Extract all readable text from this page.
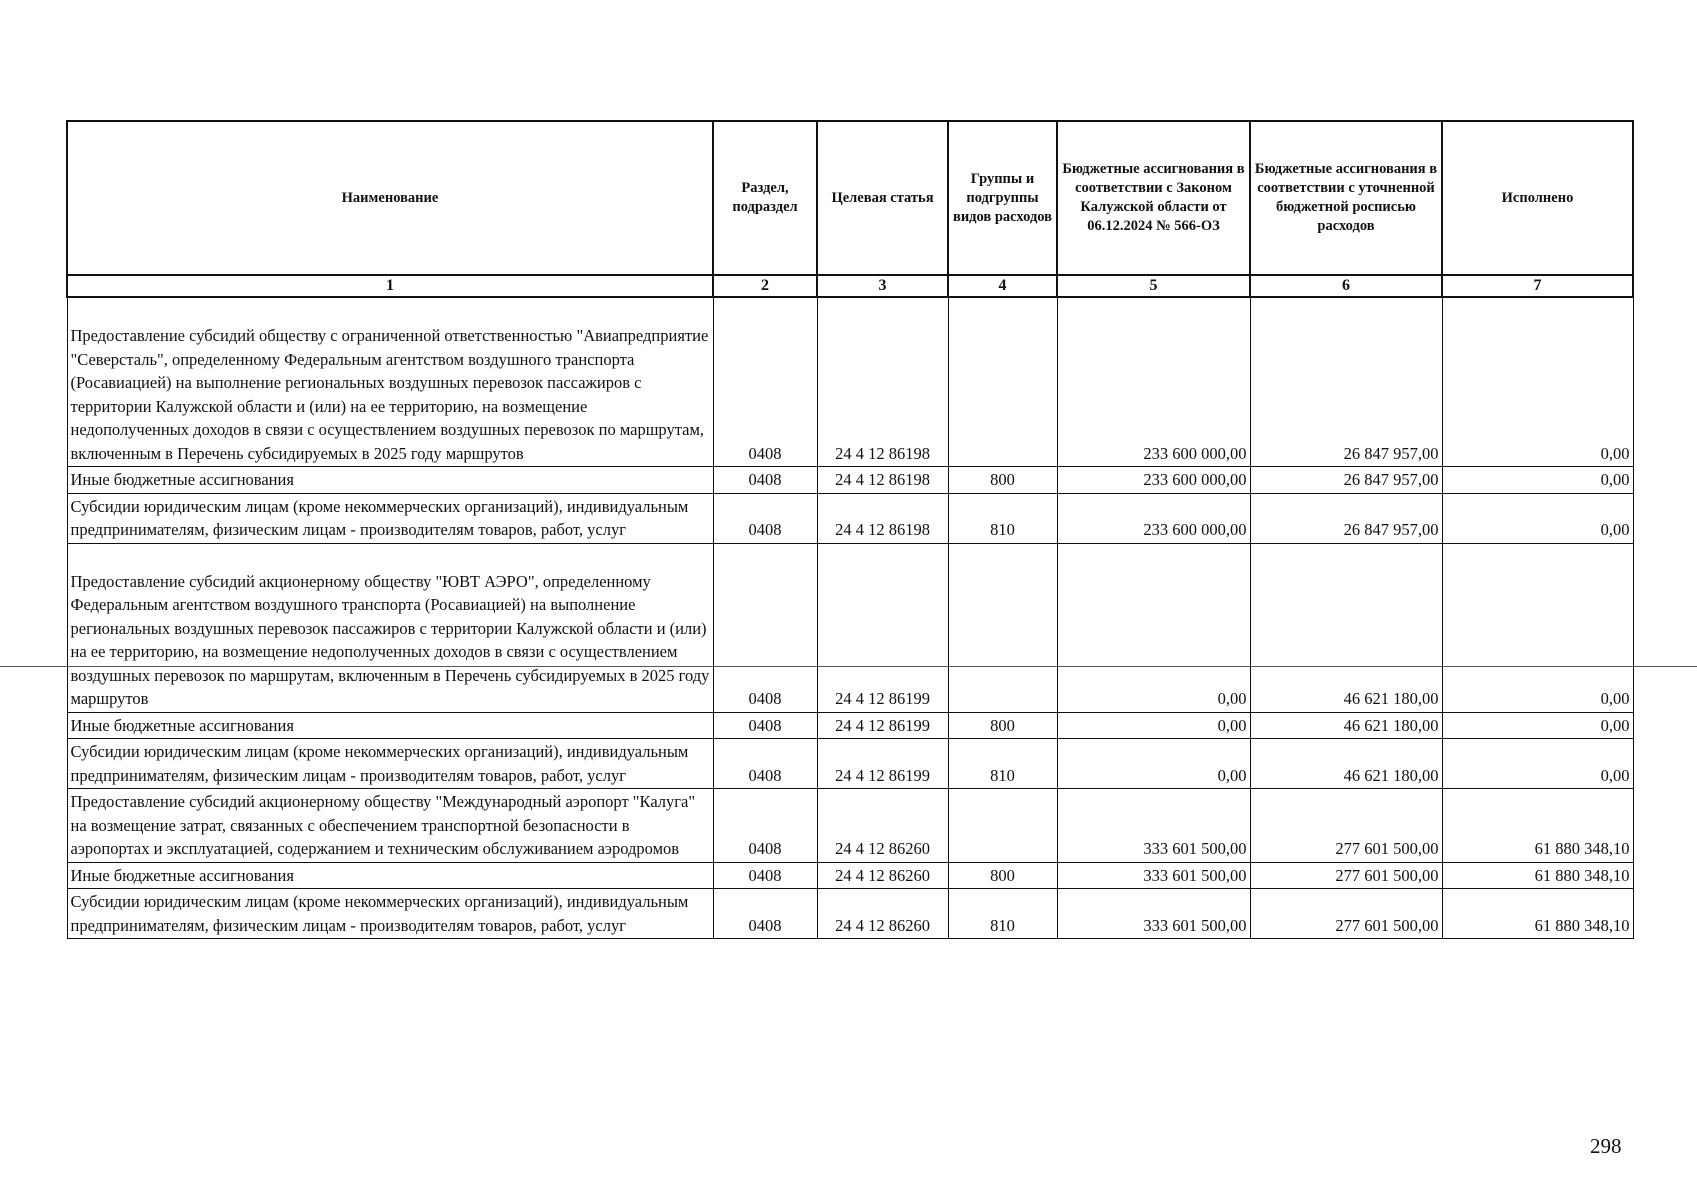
Наименование	Раздел, подраздел	Целевая статья	Группы и подгруппы видов расходов	Бюджетные ассигнования в соответствии с Законом Калужской области от 06.12.2024 № 566-ОЗ	Бюджетные ассигнования в соответствии с уточненной бюджетной росписью расходов	Исполнено
1	2	3	4	5	6	7
Предоставление субсидий обществу с ограниченной ответственностью "Авиапредприятие "Северсталь", определенному Федеральным агентством воздушного транспорта (Росавиацией) на выполнение региональных воздушных перевозок пассажиров с территории Калужской области и (или) на ее территорию, на возмещение недополученных доходов в связи с осуществлением воздушных перевозок по маршрутам, включенным в Перечень субсидируемых в 2025 году маршрутов	0408	24 4 12 86198		233 600 000,00	26 847 957,00	0,00
Иные бюджетные ассигнования	0408	24 4 12 86198	800	233 600 000,00	26 847 957,00	0,00
Субсидии юридическим лицам (кроме некоммерческих организаций), индивидуальным предпринимателям, физическим лицам - производителям товаров, работ, услуг	0408	24 4 12 86198	810	233 600 000,00	26 847 957,00	0,00
Предоставление субсидий акционерному обществу "ЮВТ АЭРО", определенному Федеральным агентством воздушного транспорта (Росавиацией) на выполнение региональных воздушных перевозок пассажиров с территории Калужской области и (или) на ее территорию, на возмещение недополученных доходов в связи с осуществлением воздушных перевозок по маршрутам, включенным в Перечень субсидируемых в 2025 году маршрутов	0408	24 4 12 86199		0,00	46 621 180,00	0,00
Иные бюджетные ассигнования	0408	24 4 12 86199	800	0,00	46 621 180,00	0,00
Субсидии юридическим лицам (кроме некоммерческих организаций), индивидуальным предпринимателям, физическим лицам - производителям товаров, работ, услуг	0408	24 4 12 86199	810	0,00	46 621 180,00	0,00
Предоставление субсидий акционерному обществу "Международный аэропорт "Калуга" на возмещение затрат, связанных с обеспечением транспортной безопасности в аэропортах и эксплуатацией, содержанием и техническим обслуживанием аэродромов	0408	24 4 12 86260		333 601 500,00	277 601 500,00	61 880 348,10
Иные бюджетные ассигнования	0408	24 4 12 86260	800	333 601 500,00	277 601 500,00	61 880 348,10
Субсидии юридическим лицам (кроме некоммерческих организаций), индивидуальным предпринимателям, физическим лицам - производителям товаров, работ, услуг	0408	24 4 12 86260	810	333 601 500,00	277 601 500,00	61 880 348,10
298
